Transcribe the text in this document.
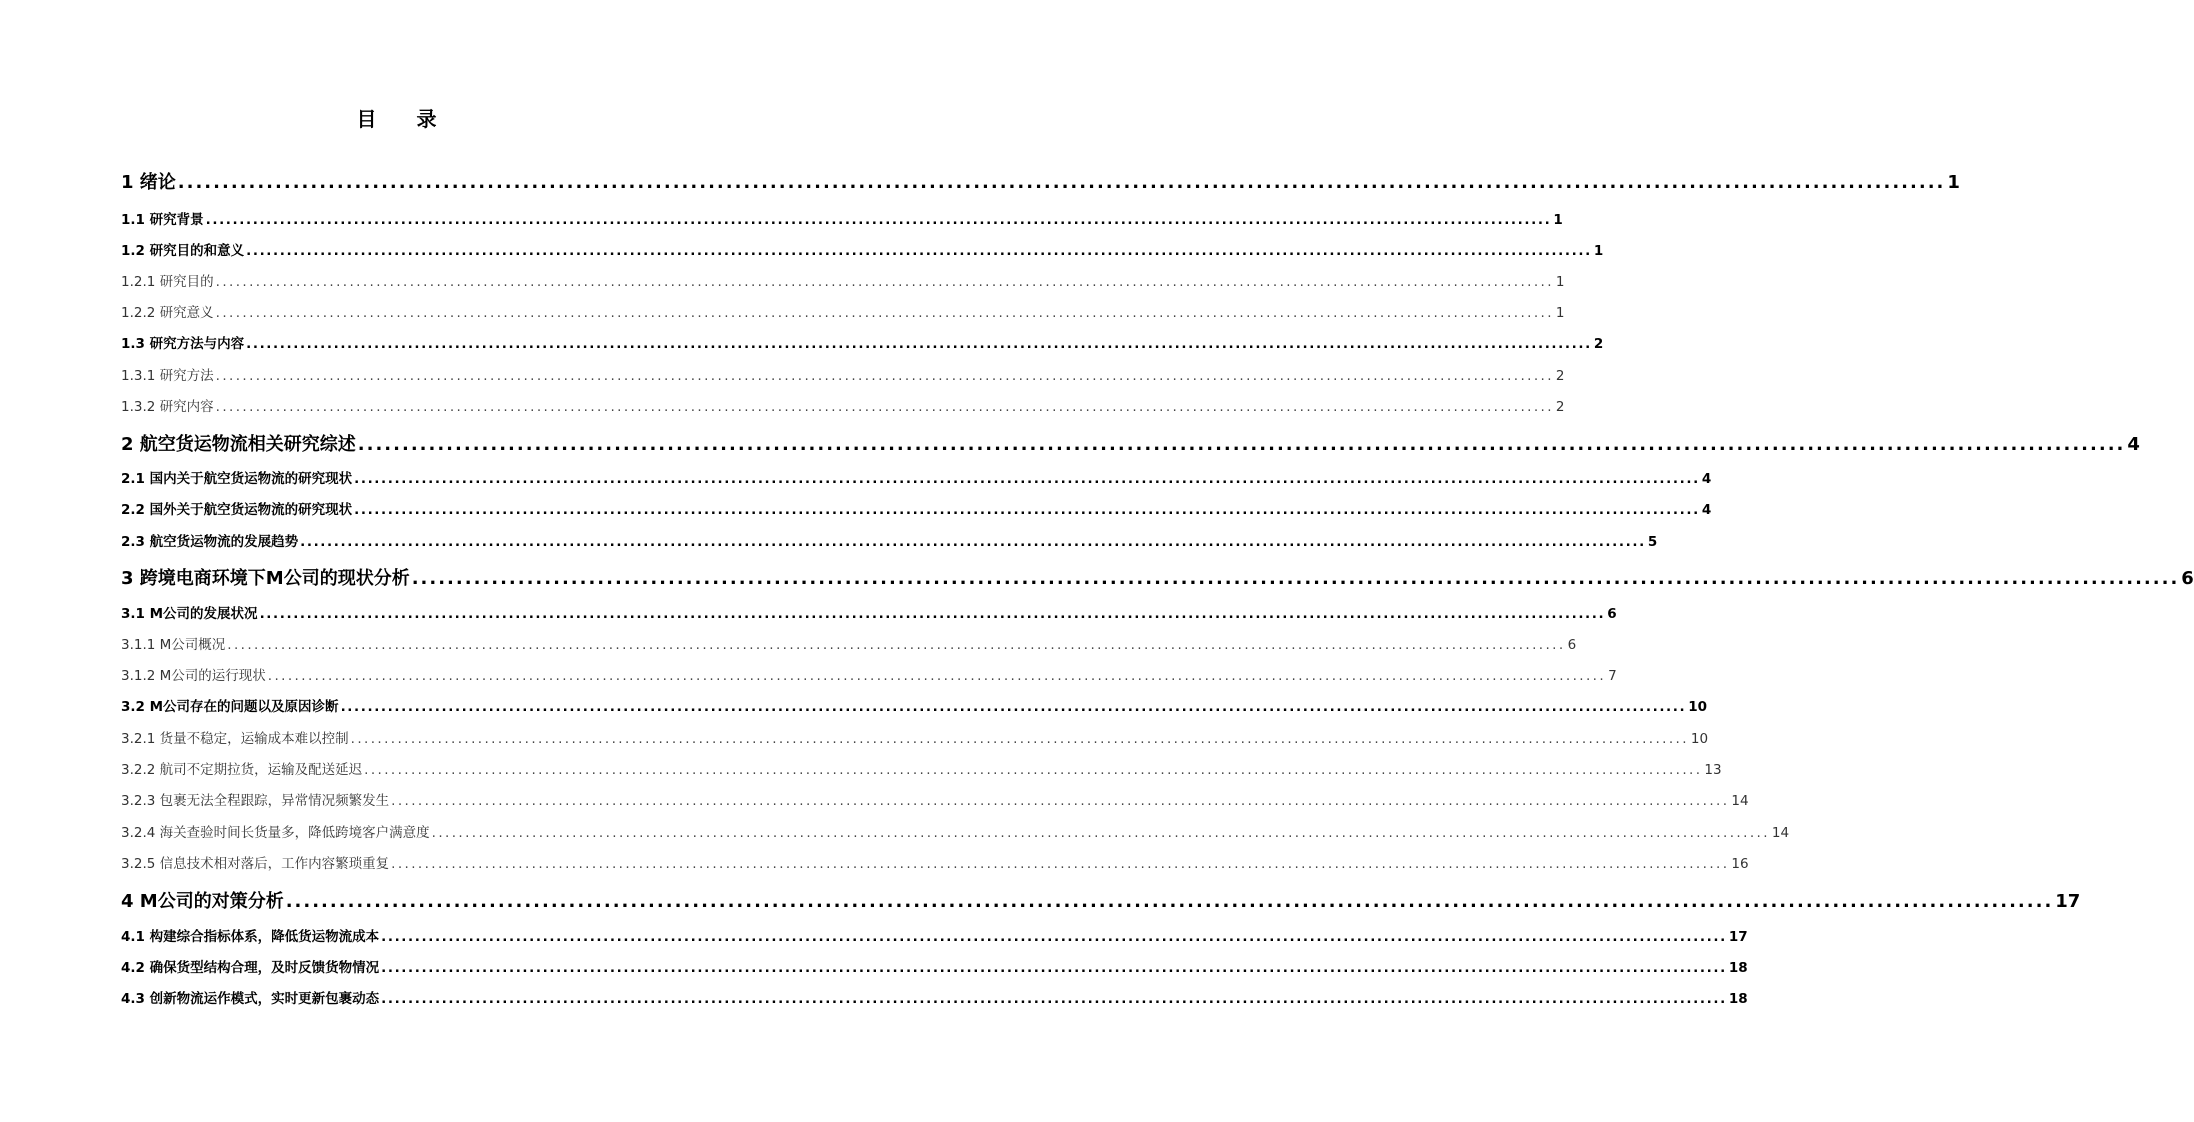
目 录
1 绪论 ........................................................................................................................................................................................................ 1
1.1 研究背景 ........................................................................................................................................................................................................ 1
1.2 研究目的和意义 ........................................................................................................................................................................................................ 1
1.2.1 研究目的 ........................................................................................................................................................................................................ 1
1.2.2 研究意义 ........................................................................................................................................................................................................ 1
1.3 研究方法与内容 ........................................................................................................................................................................................................ 2
1.3.1 研究方法 ........................................................................................................................................................................................................ 2
1.3.2 研究内容 ........................................................................................................................................................................................................ 2
2 航空货运物流相关研究综述 ........................................................................................................................................................................................................ 4
2.1 国内关于航空货运物流的研究现状 ........................................................................................................................................................................................................ 4
2.2 国外关于航空货运物流的研究现状 ........................................................................................................................................................................................................ 4
2.3 航空货运物流的发展趋势 ........................................................................................................................................................................................................ 5
3 跨境电商环境下M公司的现状分析 ........................................................................................................................................................................................................ 6
3.1 M公司的发展状况 ........................................................................................................................................................................................................ 6
3.1.1 M公司概况 ........................................................................................................................................................................................................ 6
3.1.2 M公司的运行现状 ........................................................................................................................................................................................................ 7
3.2 M公司存在的问题以及原因诊断 ........................................................................................................................................................................................................ 10
3.2.1 货量不稳定，运输成本难以控制 ........................................................................................................................................................................................................ 10
3.2.2 航司不定期拉货，运输及配送延迟 ........................................................................................................................................................................................................ 13
3.2.3 包裹无法全程跟踪，异常情况频繁发生 ........................................................................................................................................................................................................ 14
3.2.4 海关查验时间长货量多，降低跨境客户满意度 ........................................................................................................................................................................................................ 14
3.2.5 信息技术相对落后，工作内容繁琐重复 ........................................................................................................................................................................................................ 16
4 M公司的对策分析 ........................................................................................................................................................................................................ 17
4.1 构建综合指标体系，降低货运物流成本 ........................................................................................................................................................................................................ 17
4.2 确保货型结构合理，及时反馈货物情况 ........................................................................................................................................................................................................ 18
4.3 创新物流运作模式，实时更新包裹动态 ........................................................................................................................................................................................................ 18
